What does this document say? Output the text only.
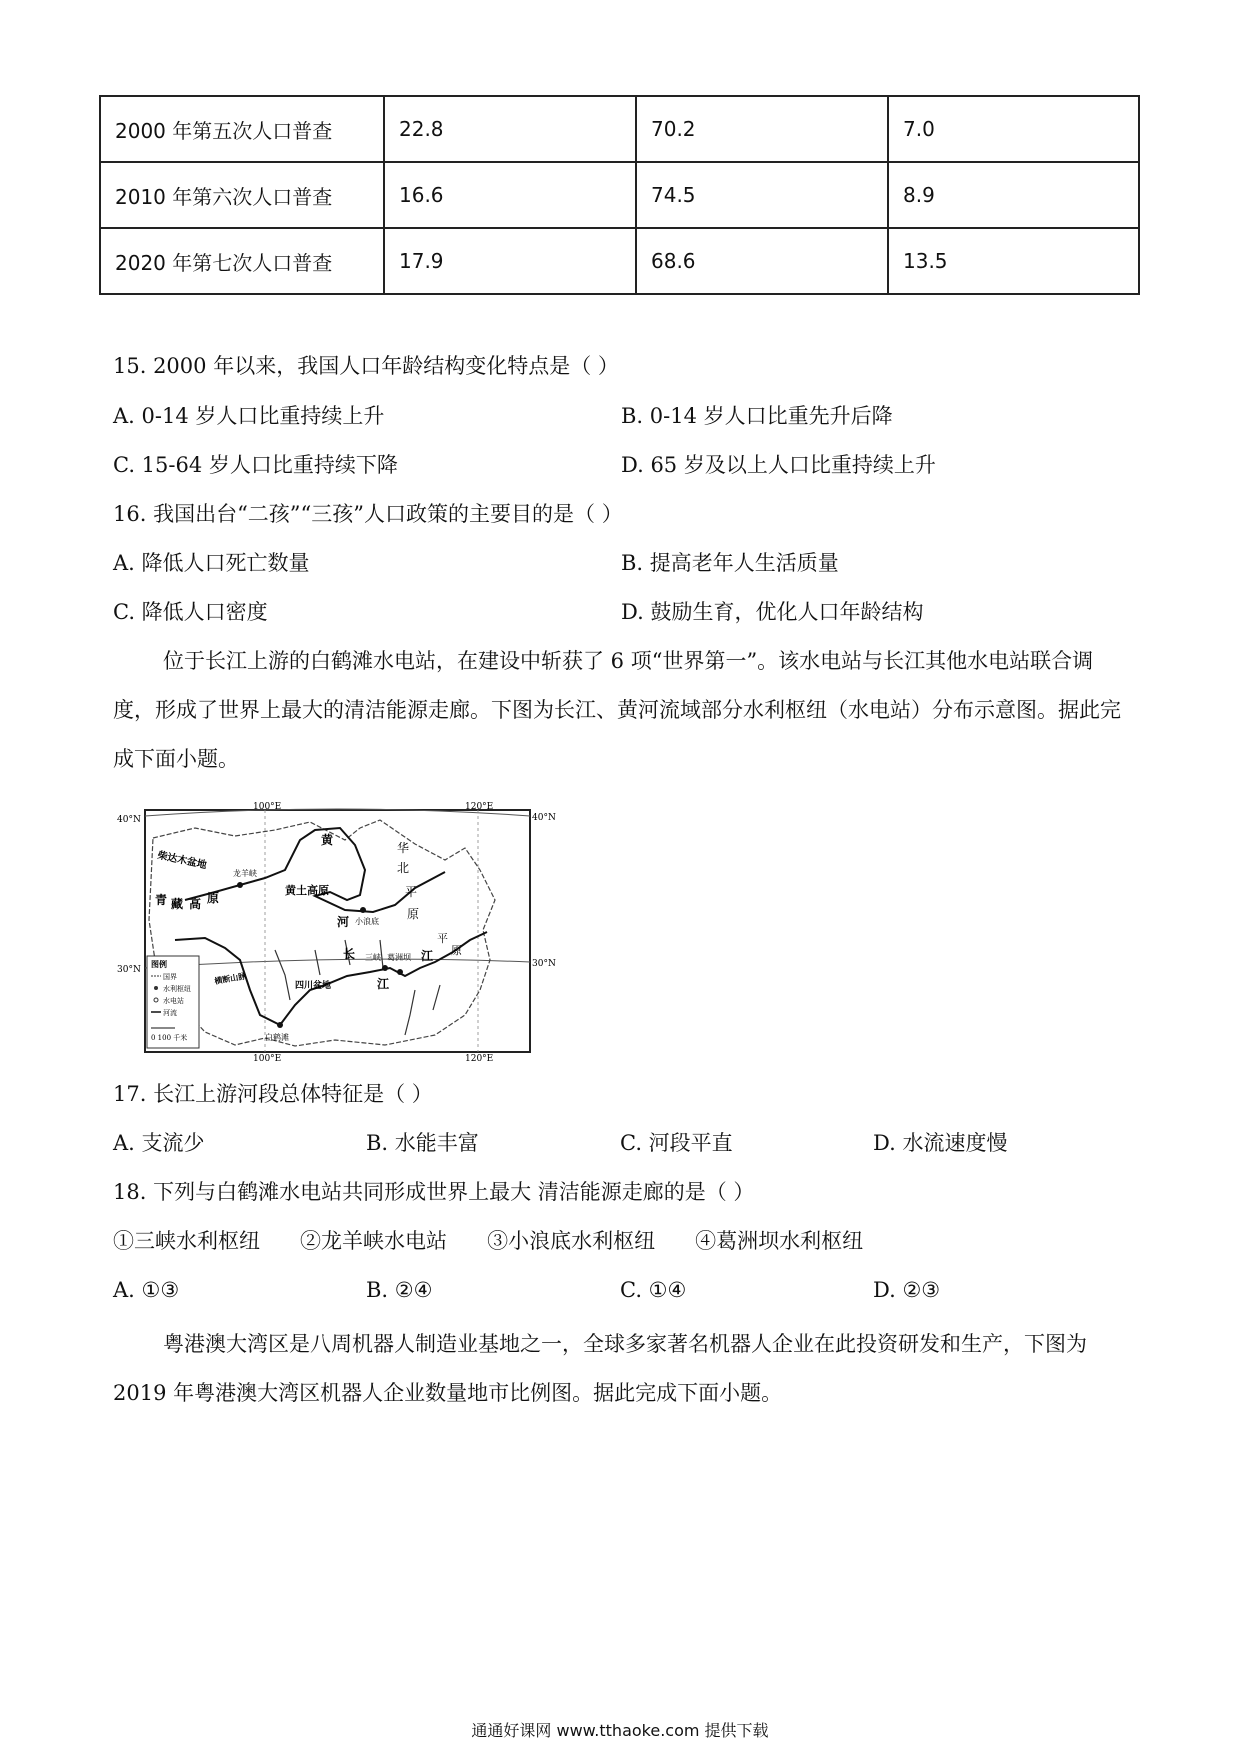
2000 年第五次人口普查	22.8	70.2	7.0
2010 年第六次人口普查	16.6	74.5	8.9
2020 年第七次人口普查	17.9	68.6	13.5
15. 2000 年以来，我国人口年龄结构变化特点是（ ）
A. 0-14 岁人口比重持续上升	B. 0-14 岁人口比重先升后降
C. 15-64 岁人口比重持续下降	D. 65 岁及以上人口比重持续上升
16. 我国出台“二孩”“三孩”人口政策的主要目的是（ ）
A. 降低人口死亡数量	B. 提高老年人生活质量
C. 降低人口密度	D. 鼓励生育，优化人口年龄结构
位于长江上游的白鹤滩水电站，在建设中斩获了 6 项“世界第一”。该水电站与长江其他水电站联合调度，形成了世界上最大的清洁能源走廊。下图为长江、黄河流域部分水利枢纽（水电站）分布示意图。据此完成下面小题。
40°N	40°N
30°N
30°N
100°E	120°E
100°E	120°E
柴达木盆地
青 藏 高 原
龙羊峡
黄土高原
黄
河
华
北
平
原
小浪底
四川盆地
三峡 葛洲坝
长
江
江
平
原
白鹤滩
横断山脉
图例
国界
水利枢纽
水电站
河流
0 100 千米
17. 长江上游河段总体特征是（ ）
A. 支流少	B. 水能丰富	C. 河段平直	D. 水流速度慢
18. 下列与白鹤滩水电站共同形成世界上最大 清洁能源走廊的是（ ）
①三峡水利枢纽      ②龙羊峡水电站      ③小浪底水利枢纽      ④葛洲坝水利枢纽
A. ①③	B. ②④	C. ①④	D. ②③
粤港澳大湾区是八周机器人制造业基地之一，全球多家著名机器人企业在此投资研发和生产，下图为 2019 年粤港澳大湾区机器人企业数量地市比例图。据此完成下面小题。
通通好课网 www.tthaoke.com 提供下载
